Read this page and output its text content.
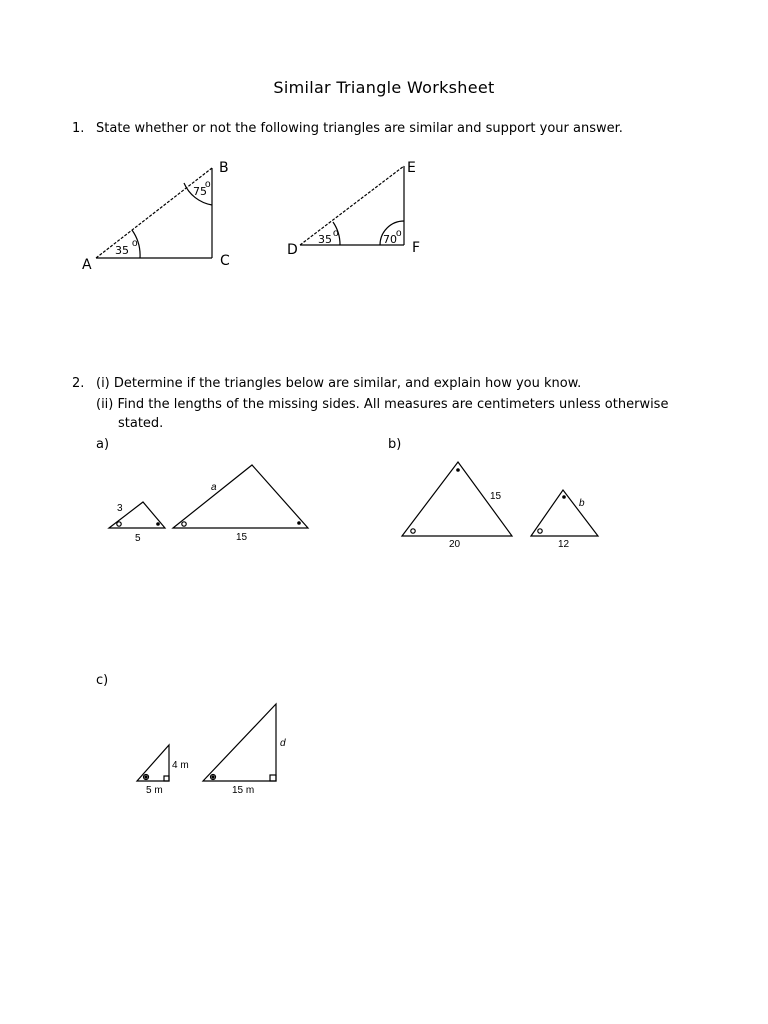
Similar Triangle Worksheet
1. State whether or not the following triangles are similar and support your answer.
2. (i) Determine if the triangles below are similar, and explain how you know.
(ii) Find the lengths of the missing sides. All measures are centimeters unless otherwise
stated.
a)	b)
c)
A
B
C
35
o
75
o
D
E
F
35 o	70 o
3
5
a
15
15
20
b
12
4 m
5 m
d
15 m
